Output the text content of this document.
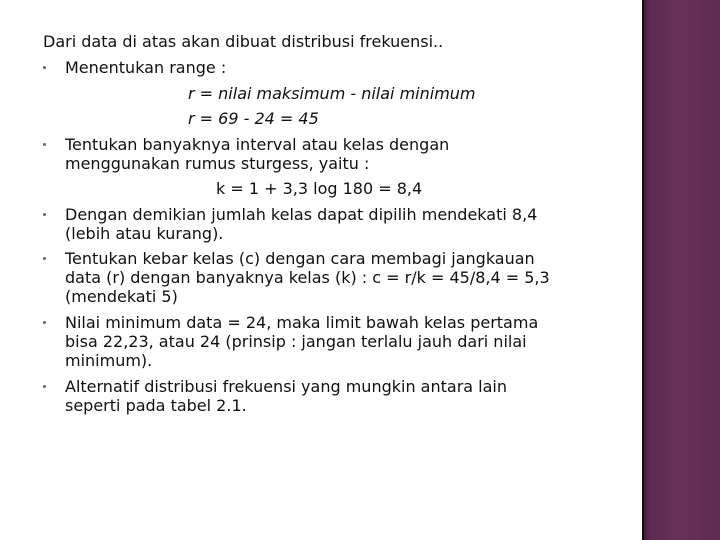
Dari data di atas akan dibuat distribusi frekuensi..
Menentukan range :
r = nilai maksimum - nilai minimum
r = 69 - 24 = 45
Tentukan banyaknya interval atau kelas dengan
menggunakan rumus sturgess, yaitu :
k = 1 + 3,3 log 180 = 8,4
Dengan demikian jumlah kelas dapat dipilih mendekati 8,4
(lebih atau kurang).
Tentukan kebar kelas (c) dengan cara membagi jangkauan
data (r) dengan banyaknya kelas (k) : c = r/k = 45/8,4 = 5,3
(mendekati 5)
Nilai minimum data = 24, maka limit bawah kelas pertama
bisa 22,23, atau 24 (prinsip : jangan terlalu jauh dari nilai
minimum).
Alternatif distribusi frekuensi yang mungkin antara lain
seperti pada tabel 2.1.
